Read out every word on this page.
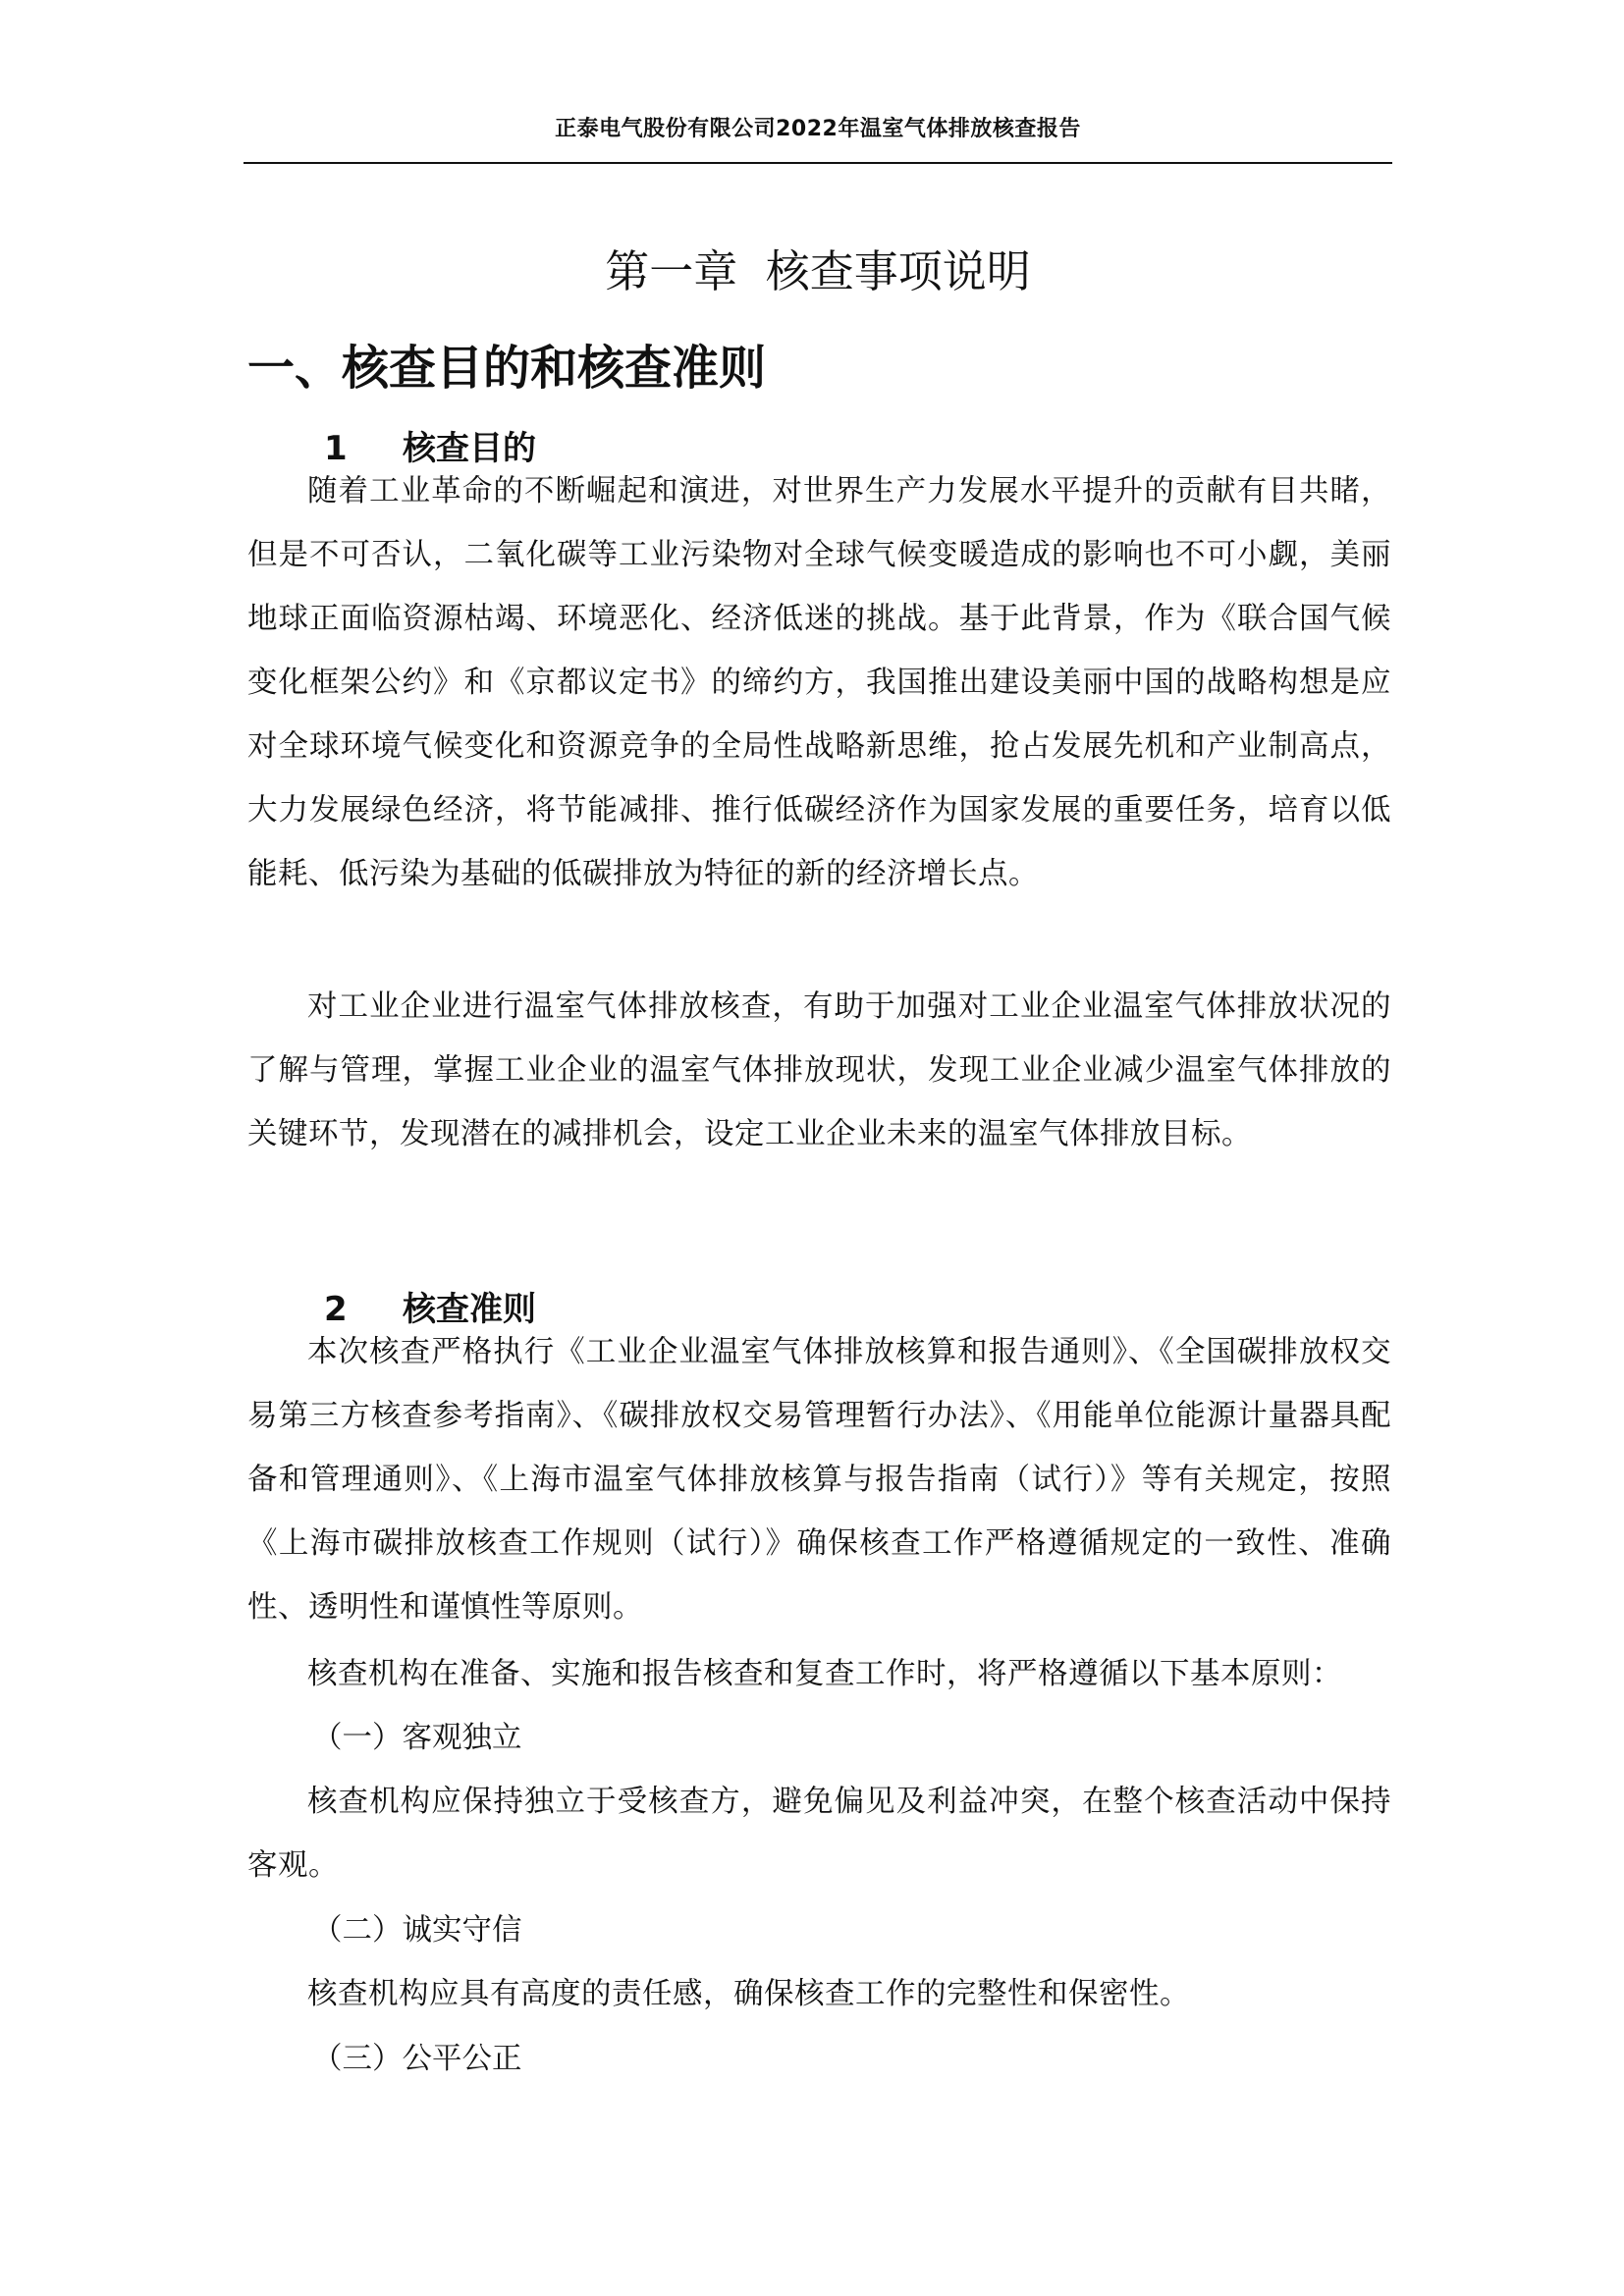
正泰电气股份有限公司2022年温室气体排放核查报告
第一章  核查事项说明
一、核查目的和核查准则
1 核查目的

随着工业革命的不断崛起和演进，对世界生产力发展水平提升的贡献有目共睹，但是不可否认，二氧化碳等工业污染物对全球气候变暖造成的影响也不可小觑，美丽地球正面临资源枯竭、环境恶化、经济低迷的挑战。基于此背景，作为《联合国气候变化框架公约》和《京都议定书》的缔约方，我国推出建设美丽中国的战略构想是应对全球环境气候变化和资源竞争的全局性战略新思维，抢占发展先机和产业制高点，大力发展绿色经济，将节能减排、推行低碳经济作为国家发展的重要任务，培育以低能耗、低污染为基础的低碳排放为特征的新的经济增长点。

对工业企业进行温室气体排放核查，有助于加强对工业企业温室气体排放状况的了解与管理，掌握工业企业的温室气体排放现状，发现工业企业减少温室气体排放的关键环节，发现潜在的减排机会，设定工业企业未来的温室气体排放目标。

2 核查准则

本次核查严格执行《工业企业温室气体排放核算和报告通则》、《全国碳排放权交易第三方核查参考指南》、《碳排放权交易管理暂行办法》、《用能单位能源计量器具配备和管理通则》、《上海市温室气体排放核算与报告指南（试行）》等有关规定，按照《上海市碳排放核查工作规则（试行）》确保核查工作严格遵循规定的一致性、准确性、透明性和谨慎性等原则。

核查机构在准备、实施和报告核查和复查工作时，将严格遵循以下基本原则：

（一）客观独立

核查机构应保持独立于受核查方，避免偏见及利益冲突，在整个核查活动中保持客观。

（二）诚实守信

核查机构应具有高度的责任感，确保核查工作的完整性和保密性。

（三）公平公正
